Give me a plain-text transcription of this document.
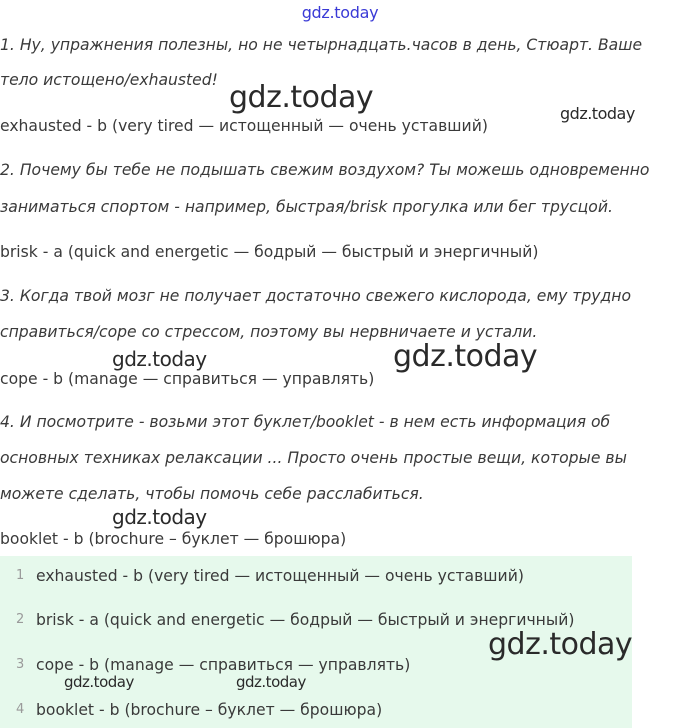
gdz.today
1. Ну, упражнения полезны, но не четырнадцать.часов в день, Стюарт. Ваше
тело истощено/exhausted!
exhausted - b (very tired — истощенный — очень уставший)
2. Почему бы тебе не подышать свежим воздухом? Ты можешь одновременно
заниматься спортом - например, быстрая/brisk прогулка или бег трусцой.
brisk - a (quick and energetic — бодрый — быстрый и энергичный)
3. Когда твой мозг не получает достаточно свежего кислорода, ему трудно
справиться/cope со стрессом, поэтому вы нервничаете и устали.
cope - b (manage — справиться — управлять)
4. И посмотрите - возьми этот буклет/booklet - в нем есть информация об
основных техниках релаксации ... Просто очень простые вещи, которые вы
можете сделать, чтобы помочь себе расслабиться.
booklet - b (brochure – буклет — брошюра)
1 exhausted - b (very tired — истощенный — очень уставший)
2 brisk - a (quick and energetic — бодрый — быстрый и энергичный)
3 cope - b (manage — справиться — управлять)
4 booklet - b (brochure – буклет — брошюра)
gdz.today	gdz.today
gdz.today	gdz.today
gdz.today
gdz.today
gdz.today	gdz.today
